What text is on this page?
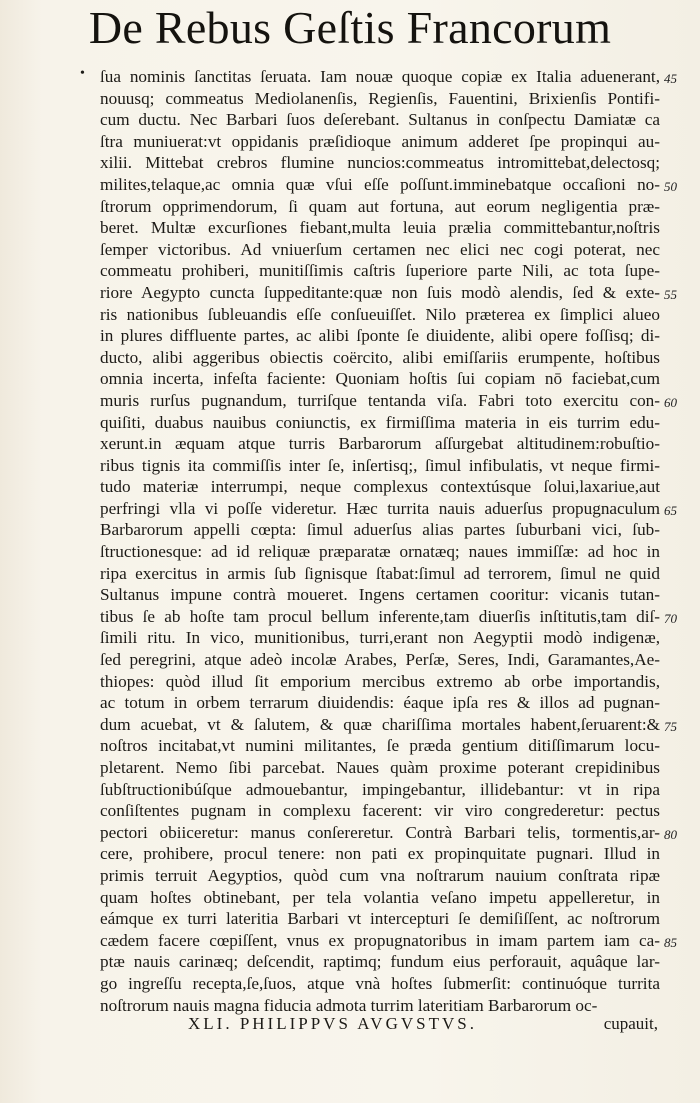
De Rebus Geſtis Francorum
• ſua nominis ſanctitas ſeruata. Iam nouæ quoque copiæ ex Italia aduenerant, 45
nouusq; commeatus Mediolanenſis, Regienſis, Fauentini, Brixienſis Pontifi-
cum ductu. Nec Barbari ſuos deſerebant. Sultanus in conſpectu Damiatæ ca
ſtra muniuerat:vt oppidanis præſidioque animum adderet ſpe propinqui au-
xilii. Mittebat crebros flumine nuncios:commeatus intromittebat,delectosq;
milites,telaque,ac omnia quæ vſui eſſe poſſunt.imminebatque occaſioni no- 50
ſtrorum opprimendorum, ſi quam aut fortuna, aut eorum negligentia præ-
beret. Multæ excurſiones fiebant,multa leuia prælia committebantur,noſtris
ſemper victoribus. Ad vniuerſum certamen nec elici nec cogi poterat, nec
commeatu prohiberi, munitiſſimis caſtris ſuperiore parte Nili, ac tota ſupe-
riore Aegypto cuncta ſuppeditante:quæ non ſuis modò alendis, ſed & exte- 55
ris nationibus ſubleuandis eſſe conſueuiſſet. Nilo præterea ex ſimplici alueo
in plures diffluente partes, ac alibi ſponte ſe diuidente, alibi opere foſſisq; di-
ducto, alibi aggeribus obiectis coërcito, alibi emiſſariis erumpente, hoſtibus
omnia incerta, infeſta faciente: Quoniam hoſtis ſui copiam nō faciebat,cum
muris rurſus pugnandum, turriſque tentanda viſa. Fabri toto exercitu con- 60
quiſiti, duabus nauibus coniunctis, ex firmiſſima materia in eis turrim edu-
xerunt.in æquam atque turris Barbarorum aſſurgebat altitudinem:robuſtio-
ribus tignis ita commiſſis inter ſe, inſertisq;, ſimul infibulatis, vt neque firmi-
tudo materiæ interrumpi, neque complexus contextúsque ſolui,laxariue,aut
perfringi vlla vi poſſe videretur. Hæc turrita nauis aduerſus propugnaculum 65
Barbarorum appelli cœpta: ſimul aduerſus alias partes ſuburbani vici, ſub-
ſtructionesque: ad id reliquæ præparatæ ornatæq; naues immiſſæ: ad hoc in
ripa exercitus in armis ſub ſignisque ſtabat:ſimul ad terrorem, ſimul ne quid
Sultanus impune contrà moueret. Ingens certamen cooritur: vicanis tutan-
tibus ſe ab hoſte tam procul bellum inferente,tam diuerſis inſtitutis,tam diſ- 70
ſimili ritu. In vico, munitionibus, turri,erant non Aegyptii modò indigenæ,
ſed peregrini, atque adeò incolæ Arabes, Perſæ, Seres, Indi, Garamantes,Ae-
thiopes: quòd illud ſit emporium mercibus extremo ab orbe importandis,
ac totum in orbem terrarum diuidendis: éaque ipſa res & illos ad pugnan-
dum acuebat, vt & ſalutem, & quæ chariſſima mortales habent,ſeruarent:& 75
noſtros incitabat,vt numini militantes, ſe præda gentium ditiſſimarum locu-
pletarent. Nemo ſibi parcebat. Naues quàm proxime poterant crepidinibus
ſubſtructionibúſque admouebantur, impingebantur, illidebantur: vt in ripa
conſiſtentes pugnam in complexu facerent: vir viro congrederetur: pectus
pectori obiiceretur: manus conſereretur. Contrà Barbari telis, tormentis,ar- 80
cere, prohibere, procul tenere: non pati ex propinquitate pugnari. Illud in
primis terruit Aegyptios, quòd cum vna noſtrarum nauium conſtrata ripæ
quam hoſtes obtinebant, per tela volantia veſano impetu appelleretur, in
eámque ex turri lateritia Barbari vt intercepturi ſe demiſiſſent, ac noſtrorum
cædem facere cœpiſſent, vnus ex propugnatoribus in imam partem iam ca- 85
ptæ nauis carinæq; deſcendit, raptimq; fundum eius perforauit, aquâque lar-
go ingreſſu recepta,ſe,ſuos, atque vnà hoſtes ſubmerſit: continuóque turrita
noſtrorum nauis magna fiducia admota turrim lateritiam Barbarorum oc-
XLI. PHILIPPVS AVGVSTVS.	cupauit,
